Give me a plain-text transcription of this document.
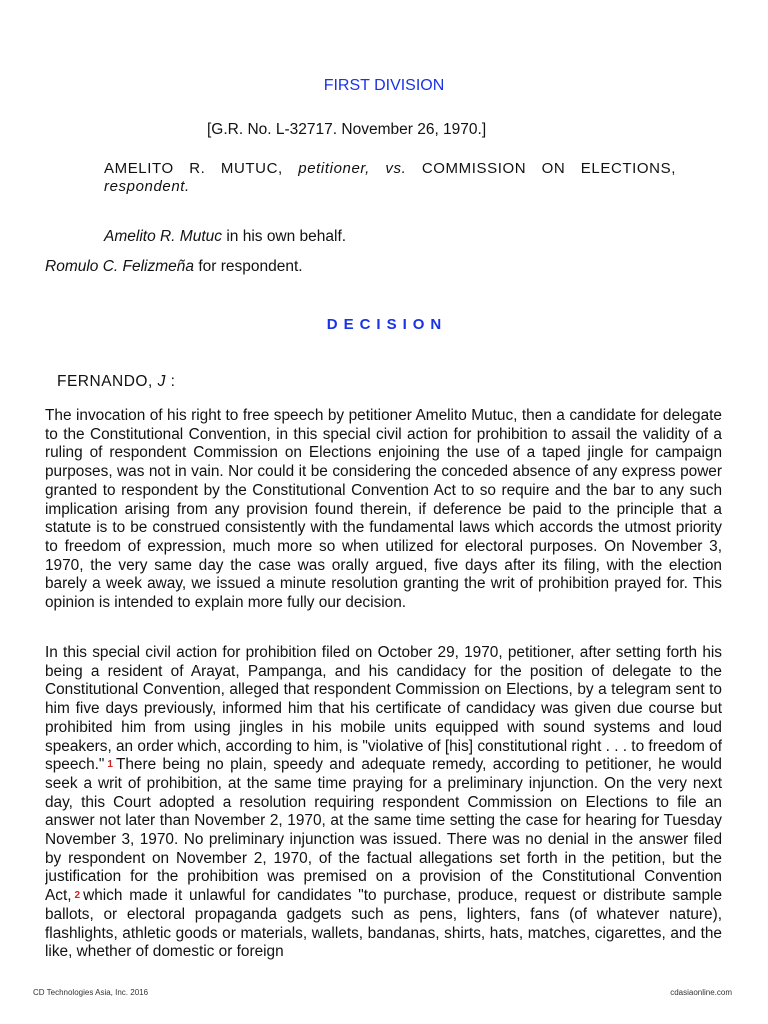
FIRST DIVISION
[G.R. No. L-32717. November 26, 1970.]
AMELITO R. MUTUC, petitioner, vs. COMMISSION ON ELECTIONS,
respondent.
Amelito R. Mutuc in his own behalf.
Romulo C. Felizmeña for respondent.
DECISION
FERNANDO, J :

The invocation of his right to free speech by petitioner Amelito Mutuc, then a candidate for delegate to the Constitutional Convention, in this special civil action for prohibition to assail the validity of a ruling of respondent Commission on Elections enjoining the use of a taped jingle for campaign purposes, was not in vain. Nor could it be considering the conceded absence of any express power granted to respondent by the Constitutional Convention Act to so require and the bar to any such implication arising from any provision found therein, if deference be paid to the principle that a statute is to be construed consistently with the fundamental laws which accords the utmost priority to freedom of expression, much more so when utilized for electoral purposes. On November 3, 1970, the very same day the case was orally argued, five days after its filing, with the election barely a week away, we issued a minute resolution granting the writ of prohibition prayed for. This opinion is intended to explain more fully our decision.

In this special civil action for prohibition filed on October 29, 1970, petitioner, after setting forth his being a resident of Arayat, Pampanga, and his candidacy for the position of delegate to the Constitutional Convention, alleged that respondent Commission on Elections, by a telegram sent to him five days previously, informed him that his certificate of candidacy was given due course but prohibited him from using jingles in his mobile units equipped with sound systems and loud speakers, an order which, according to him, is "violative of [his] constitutional right . . . to freedom of speech." 1 There being no plain, speedy and adequate remedy, according to petitioner, he would seek a writ of prohibition, at the same time praying for a preliminary injunction. On the very next day, this Court adopted a resolution requiring respondent Commission on Elections to file an answer not later than November 2, 1970, at the same time setting the case for hearing for Tuesday November 3, 1970. No preliminary injunction was issued. There was no denial in the answer filed by respondent on November 2, 1970, of the factual allegations set forth in the petition, but the justification for the prohibition was premised on a provision of the Constitutional Convention Act, 2 which made it unlawful for candidates "to purchase, produce, request or distribute sample ballots, or electoral propaganda gadgets such as pens, lighters, fans (of whatever nature), flashlights, athletic goods or materials, wallets, bandanas, shirts, hats, matches, cigarettes, and the like, whether of domestic or foreign

CD Technologies Asia, Inc. 2016	cdasiaonline.com
